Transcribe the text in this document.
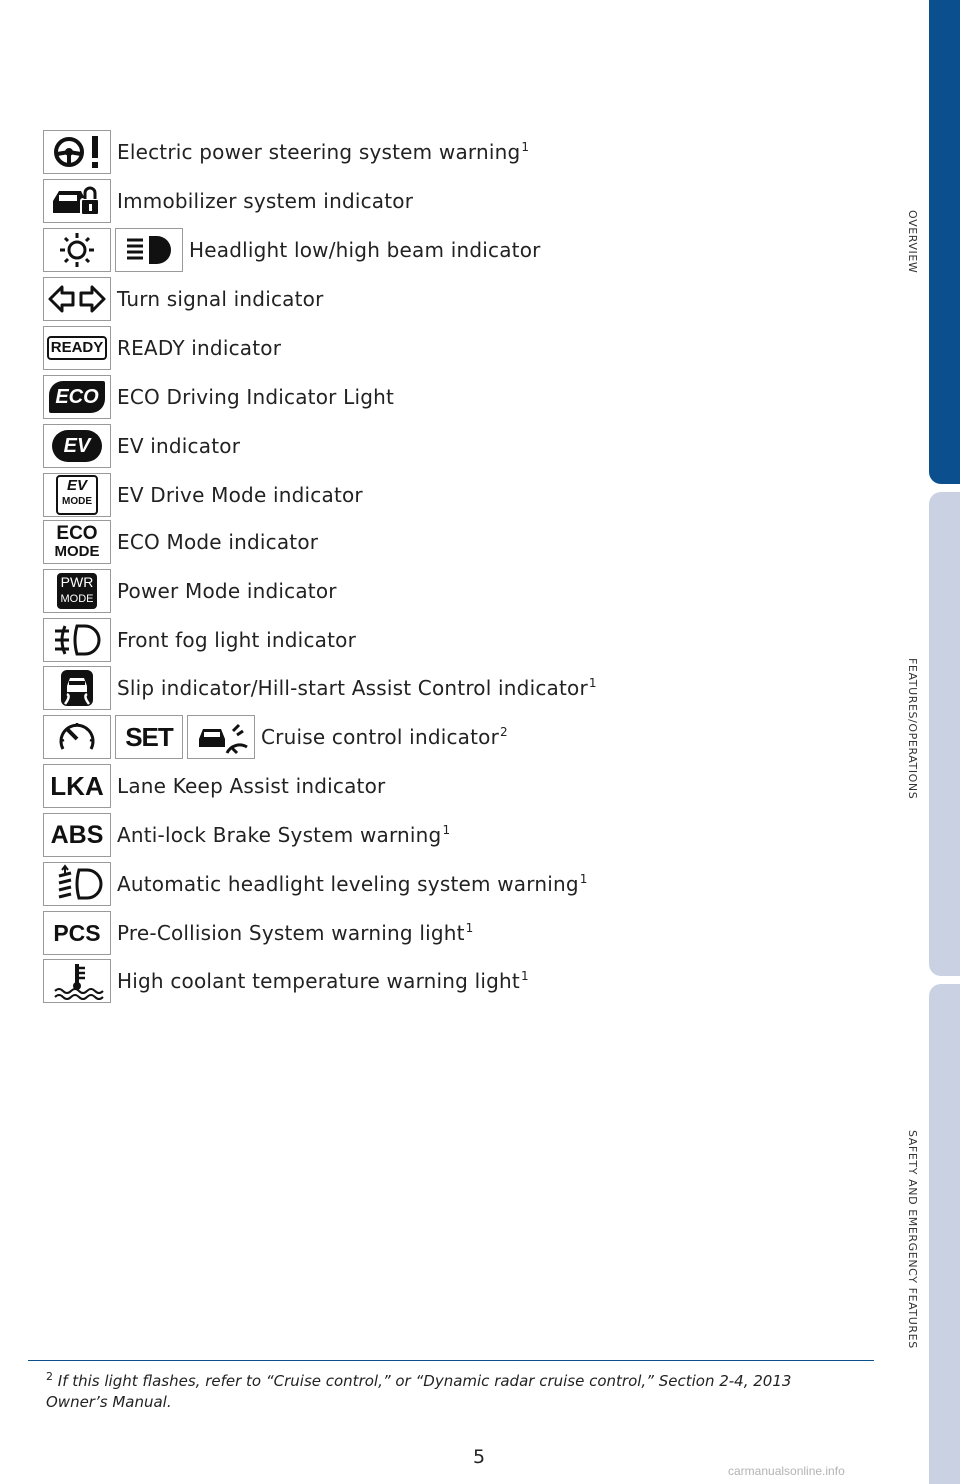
OVERVIEW
FEATURES/OPERATIONS
SAFETY AND EMERGENCY FEATURES
Electric power steering system warning$^1$
Immobilizer system indicator
Headlight low/high beam indicator
Turn signal indicator
READY READY indicator
ECO ECO Driving Indicator Light
EV	EV indicator
EV
MODE EV Drive Mode indicator
ECO
MODE ECO Mode indicator
PWR
MODE Power Mode indicator
Front fog light indicator
Slip indicator/Hill-start Assist Control indicator$^1$
SET	Cruise control indicator$^2$
LKA Lane Keep Assist indicator
ABS Anti-lock Brake System warning$^1$
Automatic headlight leveling system warning$^1$
PCS Pre-Collision System warning light$^1$
High coolant temperature warning light$^1$
$^2$ If this light flashes, refer to “Cruise control,” or “Dynamic radar cruise control,” Section 2-4, 2013 Owner’s Manual.
5
carmanualsonline.info
